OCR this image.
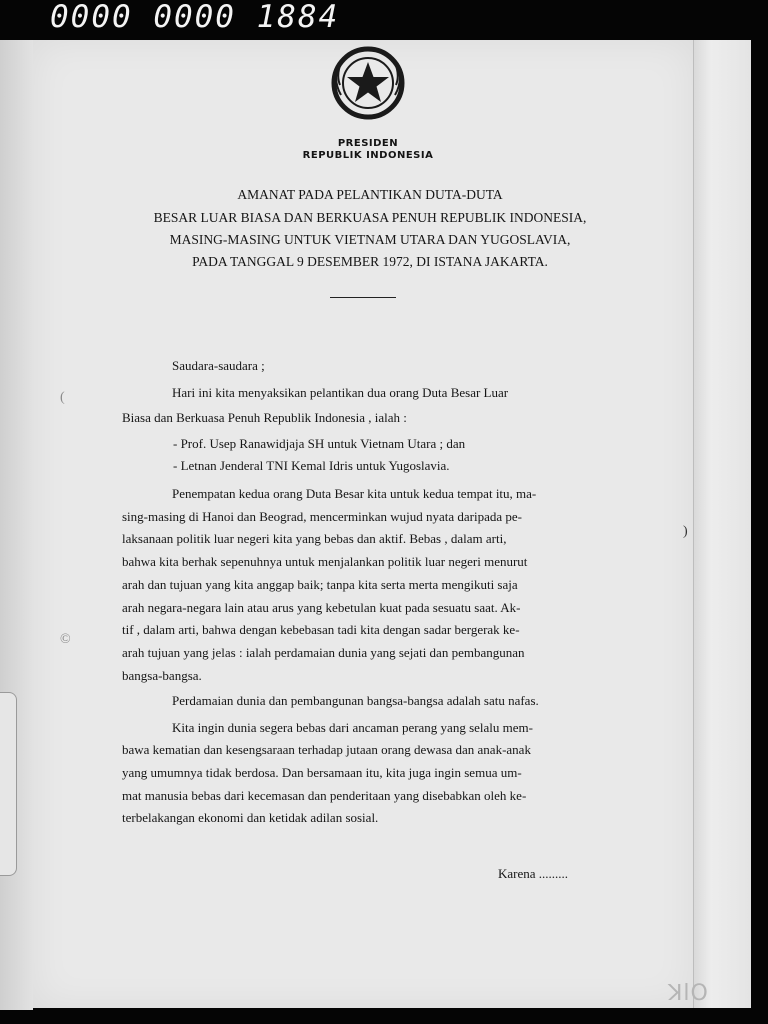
0000 0000 1884
PRESIDEN
REPUBLIK INDONESIA
AMANAT PADA PELANTIKAN DUTA-DUTA
BESAR LUAR BIASA DAN BERKUASA PENUH REPUBLIK INDONESIA,
MASING-MASING UNTUK VIETNAM UTARA DAN YUGOSLAVIA,
PADA TANGGAL 9 DESEMBER 1972, DI ISTANA JAKARTA.
Saudara-saudara ;
Hari ini kita menyaksikan pelantikan dua orang Duta Besar Luar
Biasa dan Berkuasa Penuh Republik Indonesia , ialah :
- Prof. Usep Ranawidjaja SH untuk Vietnam Utara ; dan
- Letnan Jenderal TNI Kemal Idris untuk Yugoslavia.
Penempatan kedua orang Duta Besar kita untuk kedua tempat itu, ma-
sing-masing di Hanoi dan Beograd, mencerminkan wujud nyata daripada pe-
laksanaan politik luar negeri kita yang bebas dan aktif. Bebas , dalam arti,
bahwa kita berhak sepenuhnya untuk menjalankan politik luar negeri menurut
arah dan tujuan yang kita anggap baik; tanpa kita serta merta mengikuti saja
arah negara-negara lain atau arus yang kebetulan kuat pada sesuatu saat. Ak-
tif , dalam arti, bahwa dengan kebebasan tadi kita dengan sadar bergerak ke-
arah tujuan yang jelas : ialah perdamaian dunia yang sejati dan pembangunan
bangsa-bangsa.
Perdamaian dunia dan pembangunan bangsa-bangsa adalah satu nafas.
Kita ingin dunia segera bebas dari ancaman perang yang selalu mem-
bawa kematian dan kesengsaraan terhadap jutaan orang dewasa dan anak-anak
yang umumnya tidak berdosa. Dan bersamaan itu, kita juga ingin semua um-
mat manusia bebas dari kecemasan dan penderitaan yang disebabkan oleh ke-
terbelakangan ekonomi dan ketidak adilan sosial.
Karena .........
(
©
)
ꓘlO
